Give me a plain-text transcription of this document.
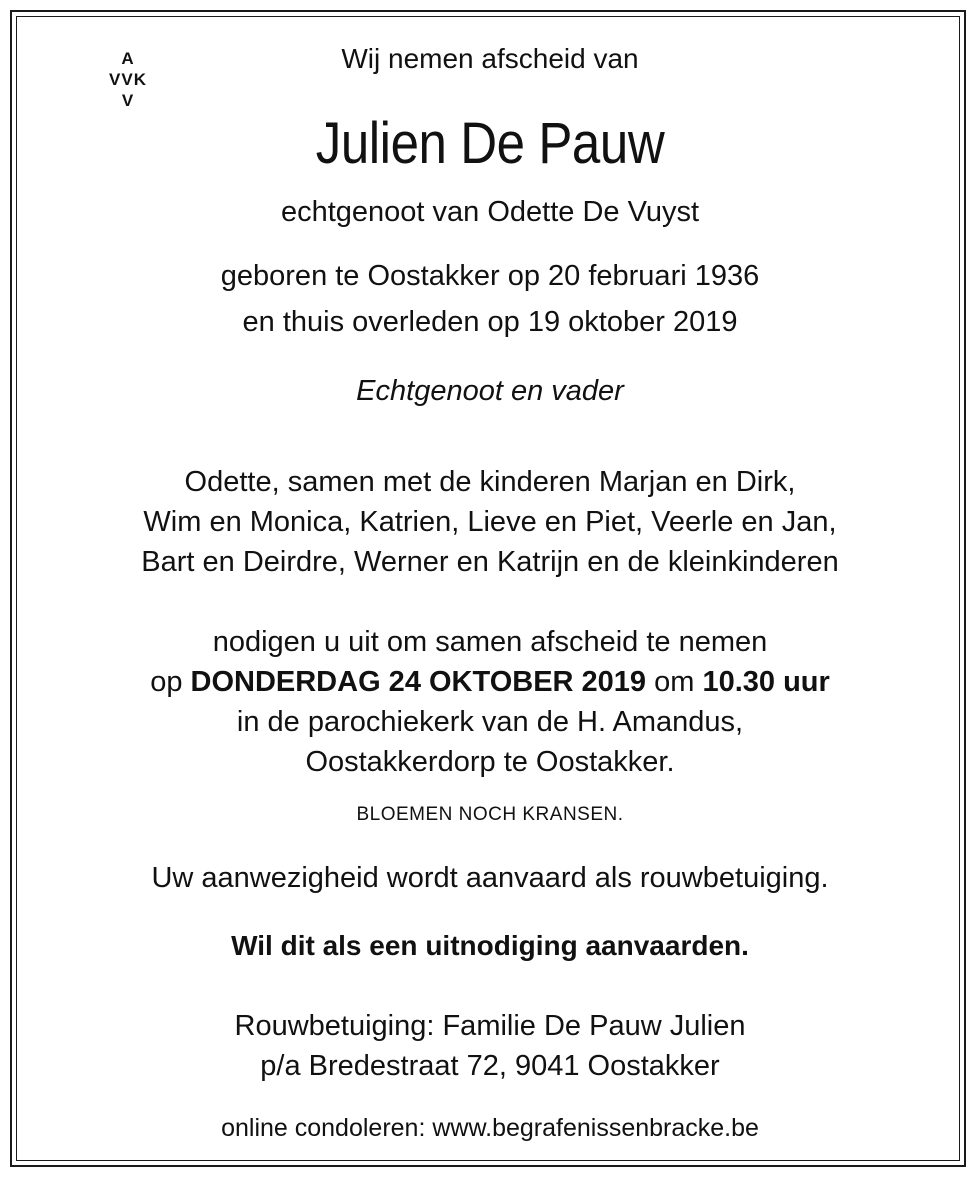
A
VVK
V
Wij nemen afscheid van
Julien De Pauw
echtgenoot van Odette De Vuyst
geboren te Oostakker op 20 februari 1936
en thuis overleden op 19 oktober 2019
Echtgenoot en vader
Odette, samen met de kinderen Marjan en Dirk,
Wim en Monica, Katrien, Lieve en Piet, Veerle en Jan,
Bart en Deirdre, Werner en Katrijn en de kleinkinderen
nodigen u uit om samen afscheid te nemen
op DONDERDAG 24 OKTOBER 2019 om 10.30 uur
in de parochiekerk van de H. Amandus,
Oostakkerdorp te Oostakker.
BLOEMEN NOCH KRANSEN.
Uw aanwezigheid wordt aanvaard als rouwbetuiging.
Wil dit als een uitnodiging aanvaarden.
Rouwbetuiging: Familie De Pauw Julien
p/a Bredestraat 72, 9041 Oostakker
online condoleren: www.begrafenissenbracke.be
